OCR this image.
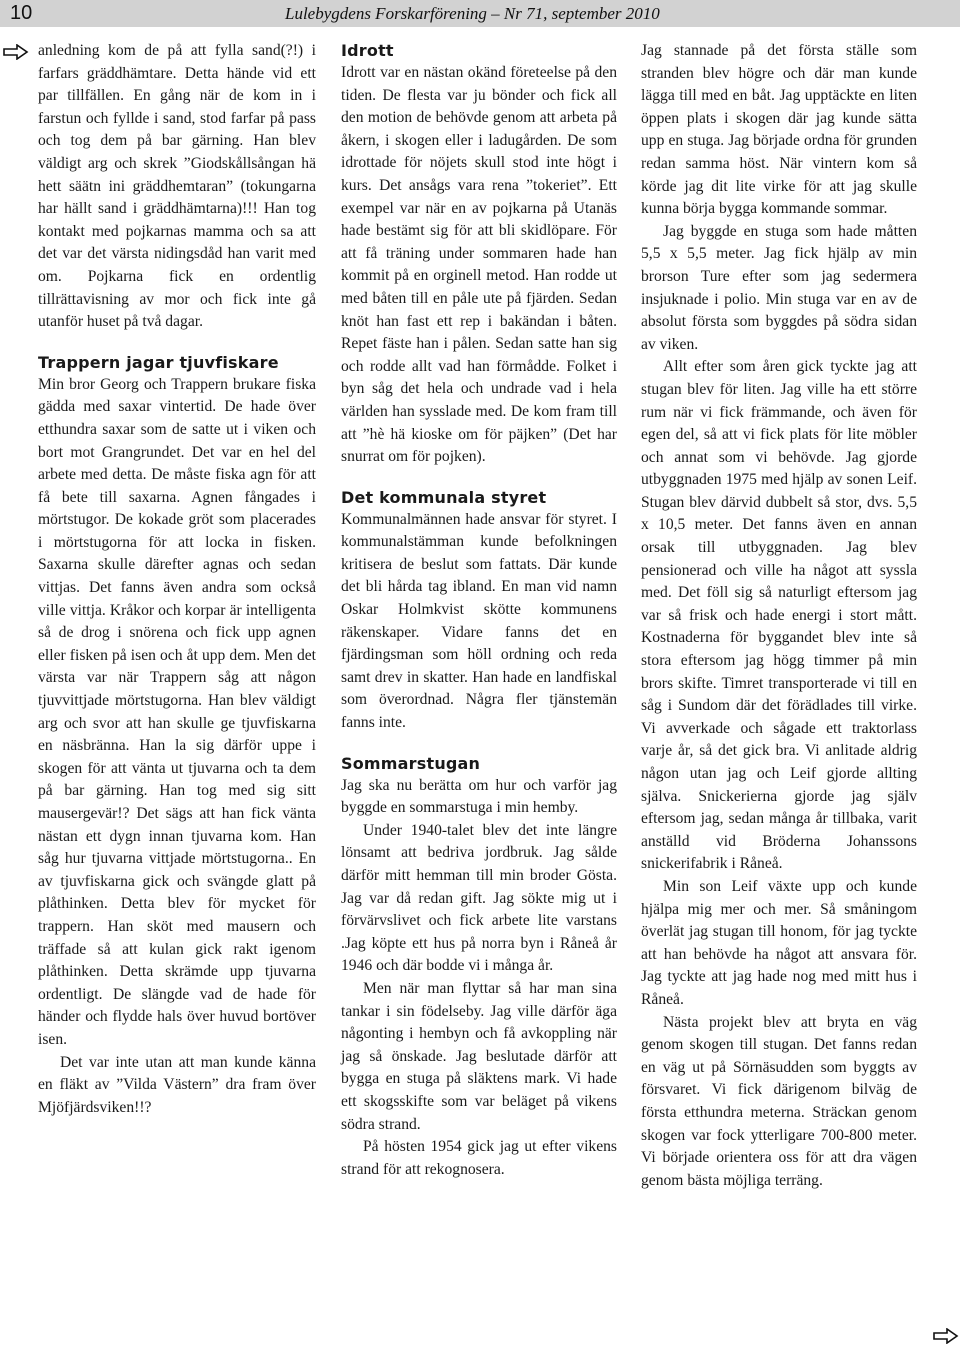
10	Lulebygdens Forskarförening – Nr 71, september 2010

anledning kom de på att fylla sand(?!) i farfars gräddhämtare. Detta hände vid ett par tillfällen. En gång när de kom in i farstun och fyllde i sand, stod farfar på pass och tog dem på bar gärning. Han blev väldigt arg och skrek ”Giodskållsångan hä hett säätn ini gräddhemtaran” (tokungarna har hällt sand i gräddhämtarna)!!! Han tog kontakt med pojkarnas mamma och sa att det var det värsta nidingsdåd han varit med om. Pojkarna fick en ordentlig tillrättavisning av mor och fick inte gå utanför huset på två dagar.

Trappern jagar tjuvfiskare

Min bror Georg och Trappern brukare fiska gädda med saxar vintertid. De hade över etthundra saxar som de satte ut i viken och bort mot Grangrundet. Det var en hel del arbete med detta. De måste fiska agn för att få bete till saxarna. Agnen fångades i mörtstugor. De kokade gröt som placerades i mörtstugorna för att locka in fisken. Saxarna skulle därefter agnas och sedan vittjas. Det fanns även andra som också ville vittja. Kråkor och korpar är intelligenta så de drog i snörena och fick upp agnen eller fisken på isen och åt upp dem. Men det värsta var när Trappern såg att någon tjuvvittjade mörtstugorna. Han blev väldigt arg och svor att han skulle ge tjuvfiskarna en näsbränna. Han la sig därför uppe i skogen för att vänta ut tjuvarna och ta dem på bar gärning. Han tog med sig sitt mausergevär!? Det sägs att han fick vänta nästan ett dygn innan tjuvarna kom. Han såg hur tjuvarna vittjade mörtstugorna.. En av tjuvfiskarna gick och svängde glatt på plåthinken. Detta blev för mycket för trappern. Han sköt med mausern och träffade så att kulan gick rakt igenom plåthinken. Detta skrämde upp tjuvarna ordentligt. De slängde vad de hade för händer och flydde hals över huvud bortöver isen.

Det var inte utan att man kunde känna en fläkt av ”Vilda Västern” dra fram över Mjöfjärdsviken!!?

Idrott

Idrott var en nästan okänd företeelse på den tiden. De flesta var ju bönder och fick all den motion de behövde genom att arbeta på åkern, i skogen eller i ladugården. De som idrottade för nöjets skull stod inte högt i kurs. Det ansågs vara rena ”tokeriet”. Ett exempel var när en av pojkarna på Utanäs hade bestämt sig för att bli skidlöpare. För att få träning under sommaren hade han kommit på en orginell metod. Han rodde ut med båten till en påle ute på fjärden. Sedan knöt han fast ett rep i bakändan i båten. Repet fäste han i pålen. Sedan satte han sig och rodde allt vad han förmådde. Folket i byn såg det hela och undrade vad i hela världen han sysslade med. De kom fram till att ”hè hä kioske om för päjken” (Det har snurrat om för pojken).

Det kommunala styret

Kommunalmännen hade ansvar för styret. I kommunalstämman kunde befolkningen kritisera de beslut som fattats. Där kunde det bli hårda tag ibland. En man vid namn Oskar Holmkvist skötte kommunens räkenskaper. Vidare fanns det en fjärdingsman som höll ordning och reda samt drev in skatter. Han hade en landfiskal som överordnad. Några fler tjänstemän fanns inte.

Sommarstugan

Jag ska nu berätta om hur och varför jag byggde en sommarstuga i min hemby.

Under 1940-talet blev det inte längre lönsamt att bedriva jordbruk. Jag sålde därför mitt hemman till min broder Gösta. Jag var då redan gift. Jag sökte mig ut i förvärvslivet och fick arbete lite varstans .Jag köpte ett hus på norra byn i Råneå år 1946 och där bodde vi i många år.

Men när man flyttar så har man sina tankar i sin födelseby. Jag ville därför äga någonting i hembyn och få avkoppling när jag så önskade. Jag beslutade därför att bygga en stuga på släktens mark. Vi hade ett skogsskifte som var beläget på vikens södra strand.

På hösten 1954 gick jag ut efter vikens strand för att rekognosera.

Jag stannade på det första ställe som stranden blev högre och där man kunde lägga till med en båt. Jag upptäckte en liten öppen plats i skogen där jag kunde sätta upp en stuga. Jag började ordna för grunden redan samma höst. När vintern kom så körde jag dit lite virke för att jag skulle kunna börja bygga kommande sommar.

Jag byggde en stuga som hade måtten 5,5 x 5,5 meter. Jag fick hjälp av min brorson Ture efter som jag sedermera insjuknade i polio. Min stuga var en av de absolut första som byggdes på södra sidan av viken.

Allt efter som åren gick tyckte jag att stugan blev för liten. Jag ville ha ett större rum när vi fick främmande, och även för egen del, så att vi fick plats för lite möbler och annat som vi behövde. Jag gjorde utbyggnaden 1975 med hjälp av sonen Leif. Stugan blev därvid dubbelt så stor, dvs. 5,5 x 10,5 meter. Det fanns även en annan orsak till utbyggnaden. Jag blev pensionerad och ville ha något att syssla med. Det föll sig så naturligt eftersom jag var så frisk och hade energi i stort mått. Kostnaderna för byggandet blev inte så stora eftersom jag högg timmer på min brors skifte. Timret transporterade vi till en såg i Sundom där det förädlades till virke. Vi avverkade och sågade ett traktorlass varje år, så det gick bra. Vi anlitade aldrig någon utan jag och Leif gjorde allting själva. Snickerierna gjorde jag själv eftersom jag, sedan många år tillbaka, varit anställd vid Bröderna Johanssons snickerifabrik i Råneå.

Min son Leif växte upp och kunde hjälpa mig mer och mer. Så småningom överlät jag stugan till honom, för jag tyckte att han behövde ha något att ansvara för. Jag tyckte att jag hade nog med mitt hus i Råneå.

Nästa projekt blev att bryta en väg genom skogen till stugan. Det fanns redan en väg ut på Sörnäsudden som byggts av försvaret. Vi fick därigenom bilväg de första etthundra meterna. Sträckan genom skogen var fock ytterligare 700-800 meter. Vi började orientera oss för att dra vägen genom bästa möjliga terräng.
